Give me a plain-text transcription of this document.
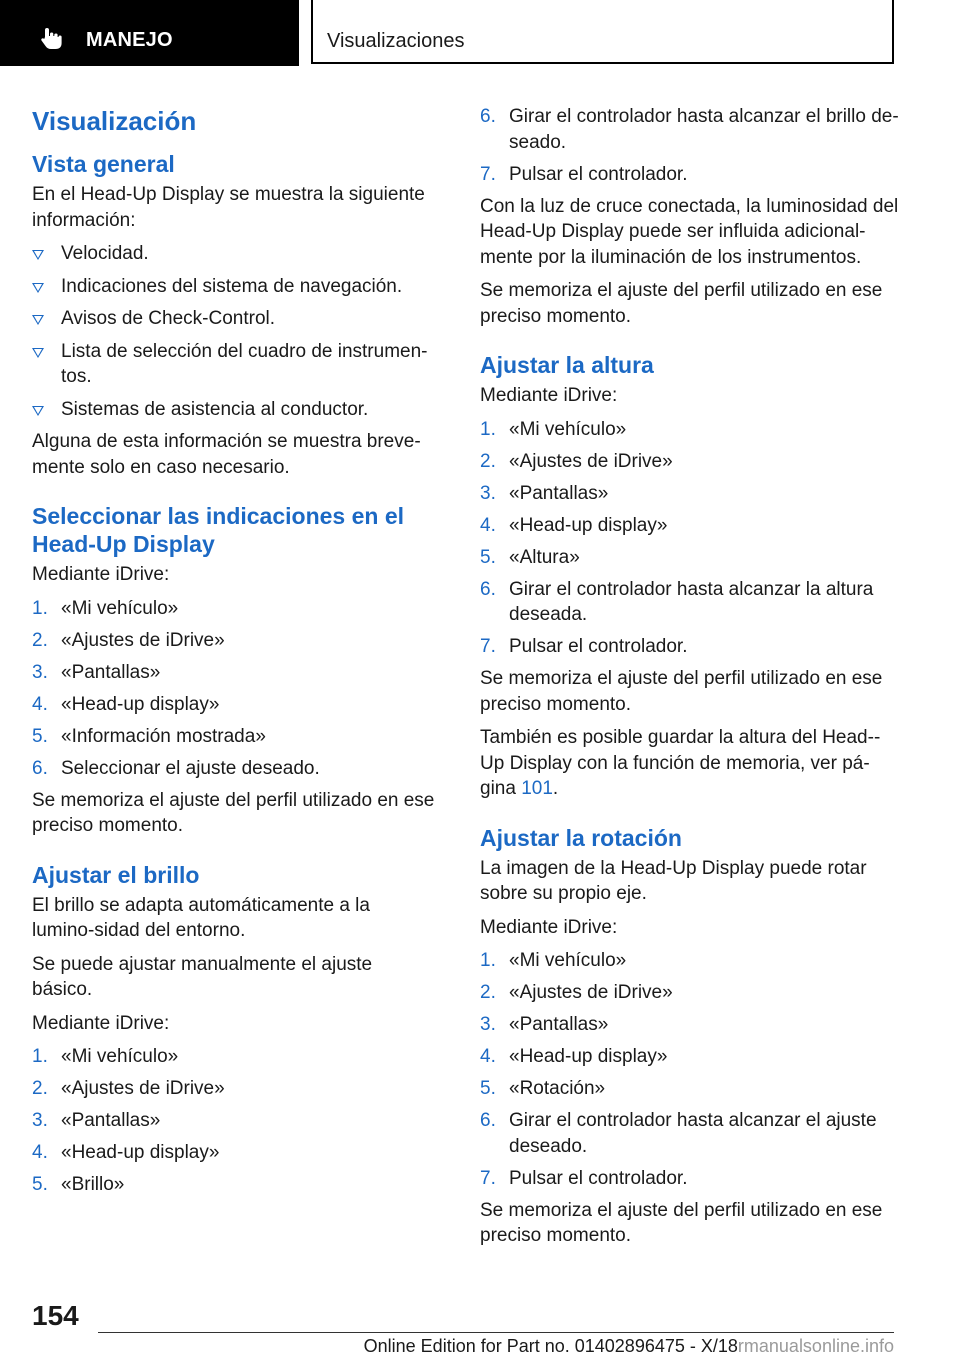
MANEJO	Visualizaciones
Visualización
Vista general

En el Head-Up Display se muestra la siguiente información:

Velocidad.
Indicaciones del sistema de navegación.
Avisos de Check-Control.
Lista de selección del cuadro de instrumen-tos.
Sistemas de asistencia al conductor.

Alguna de esta información se muestra breve-mente solo en caso necesario.

Seleccionar las indicaciones en el Head-Up Display

Mediante iDrive:

1. «Mi vehículo»
2. «Ajustes de iDrive»
3. «Pantallas»
4. «Head-up display»
5. «Información mostrada»
6. Seleccionar el ajuste deseado.

Se memoriza el ajuste del perfil utilizado en ese preciso momento.

Ajustar el brillo

El brillo se adapta automáticamente a la lumino-sidad del entorno.

Se puede ajustar manualmente el ajuste básico.

Mediante iDrive:

1. «Mi vehículo»
2. «Ajustes de iDrive»
3. «Pantallas»
4. «Head-up display»
5. «Brillo»
6. Girar el controlador hasta alcanzar el brillo de-seado.
7. Pulsar el controlador.

Con la luz de cruce conectada, la luminosidad del Head-Up Display puede ser influida adicional-mente por la iluminación de los instrumentos.

Se memoriza el ajuste del perfil utilizado en ese preciso momento.

Ajustar la altura

Mediante iDrive:

1. «Mi vehículo»
2. «Ajustes de iDrive»
3. «Pantallas»
4. «Head-up display»
5. «Altura»
6. Girar el controlador hasta alcanzar la altura deseada.
7. Pulsar el controlador.

Se memoriza el ajuste del perfil utilizado en ese preciso momento.

También es posible guardar la altura del Head--Up Display con la función de memoria, ver pá-gina 101.

Ajustar la rotación

La imagen de la Head-Up Display puede rotar sobre su propio eje.

Mediante iDrive:

1. «Mi vehículo»
2. «Ajustes de iDrive»
3. «Pantallas»
4. «Head-up display»
5. «Rotación»
6. Girar el controlador hasta alcanzar el ajuste deseado.
7. Pulsar el controlador.

Se memoriza el ajuste del perfil utilizado en ese preciso momento.

154
Online Edition for Part no. 01402896475 - X/18rmanualsonline.info
